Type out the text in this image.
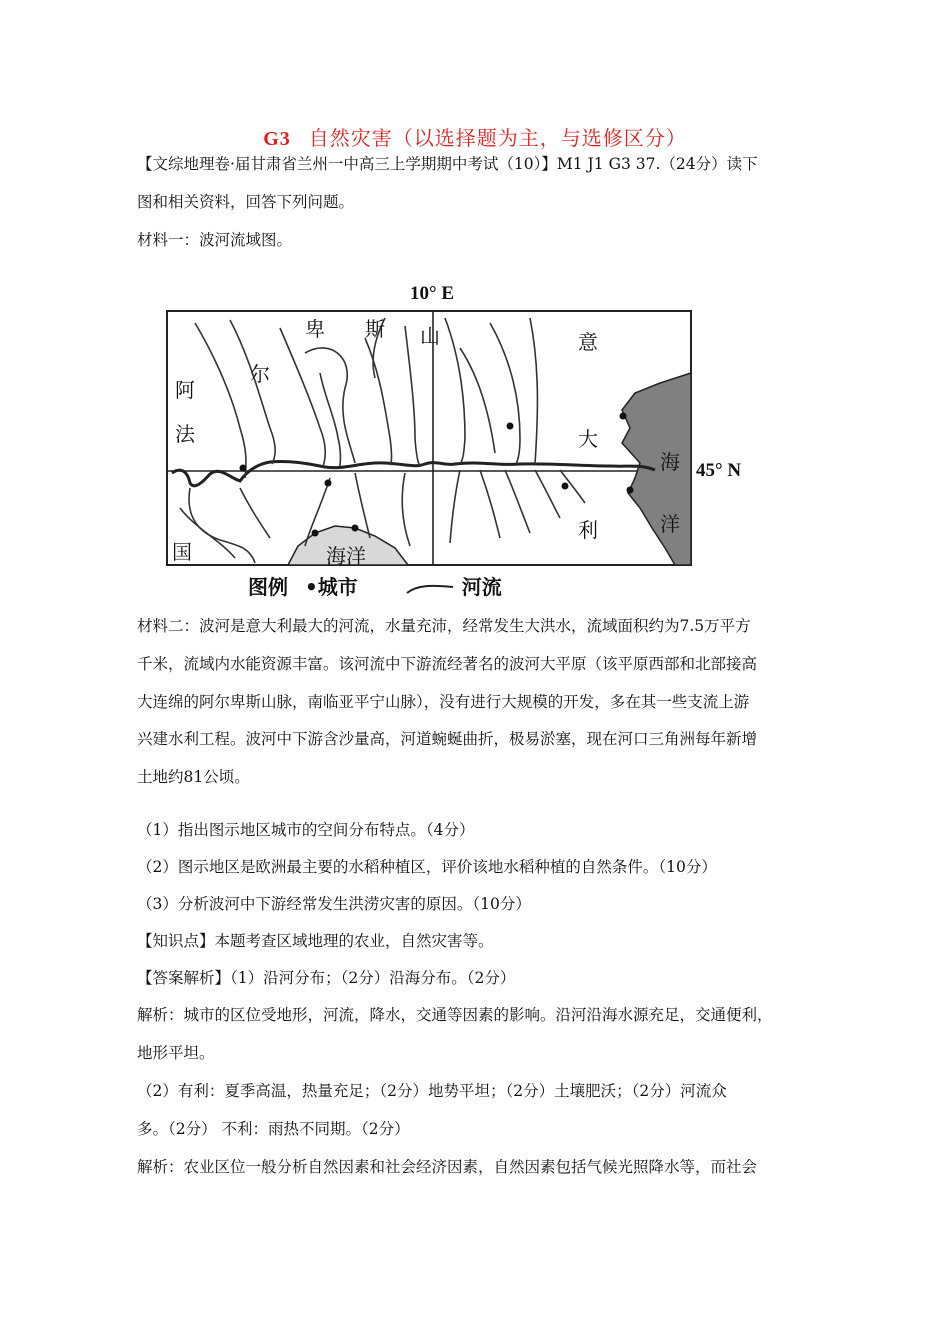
G3 自然灾害（以选择题为主，与选修区分）
【文综地理卷·届甘肃省兰州一中高三上学期期中考试（10）】M1 J1 G3 37.（24分）读下
图和相关资料，回答下列问题。
材料一：波河流域图。
10° E
45° N
卑 斯 山
尔
阿
法
国
意
大
利
海
洋
海洋
图例 •城市	河流
材料二：波河是意大利最大的河流，水量充沛，经常发生大洪水，流域面积约为7.5万平方
千米，流域内水能资源丰富。该河流中下游流经著名的波河大平原（该平原西部和北部接高
大连绵的阿尔卑斯山脉，南临亚平宁山脉），没有进行大规模的开发，多在其一些支流上游
兴建水利工程。波河中下游含沙量高，河道蜿蜒曲折，极易淤塞，现在河口三角洲每年新增
土地约81公顷。
（1）指出图示地区城市的空间分布特点。（4分）
（2）图示地区是欧洲最主要的水稻种植区，评价该地水稻种植的自然条件。（10分）
（3）分析波河中下游经常发生洪涝灾害的原因。（10分）
【知识点】本题考查区域地理的农业，自然灾害等。
【答案解析】（1）沿河分布；（2分）沿海分布。（2分）
解析：城市的区位受地形，河流，降水，交通等因素的影响。沿河沿海水源充足，交通便利，
地形平坦。
（2）有利：夏季高温，热量充足；（2分）地势平坦；（2分）土壤肥沃；（2分）河流众
多。（2分） 不利：雨热不同期。（2分）
解析：农业区位一般分析自然因素和社会经济因素，自然因素包括气候光照降水等，而社会
